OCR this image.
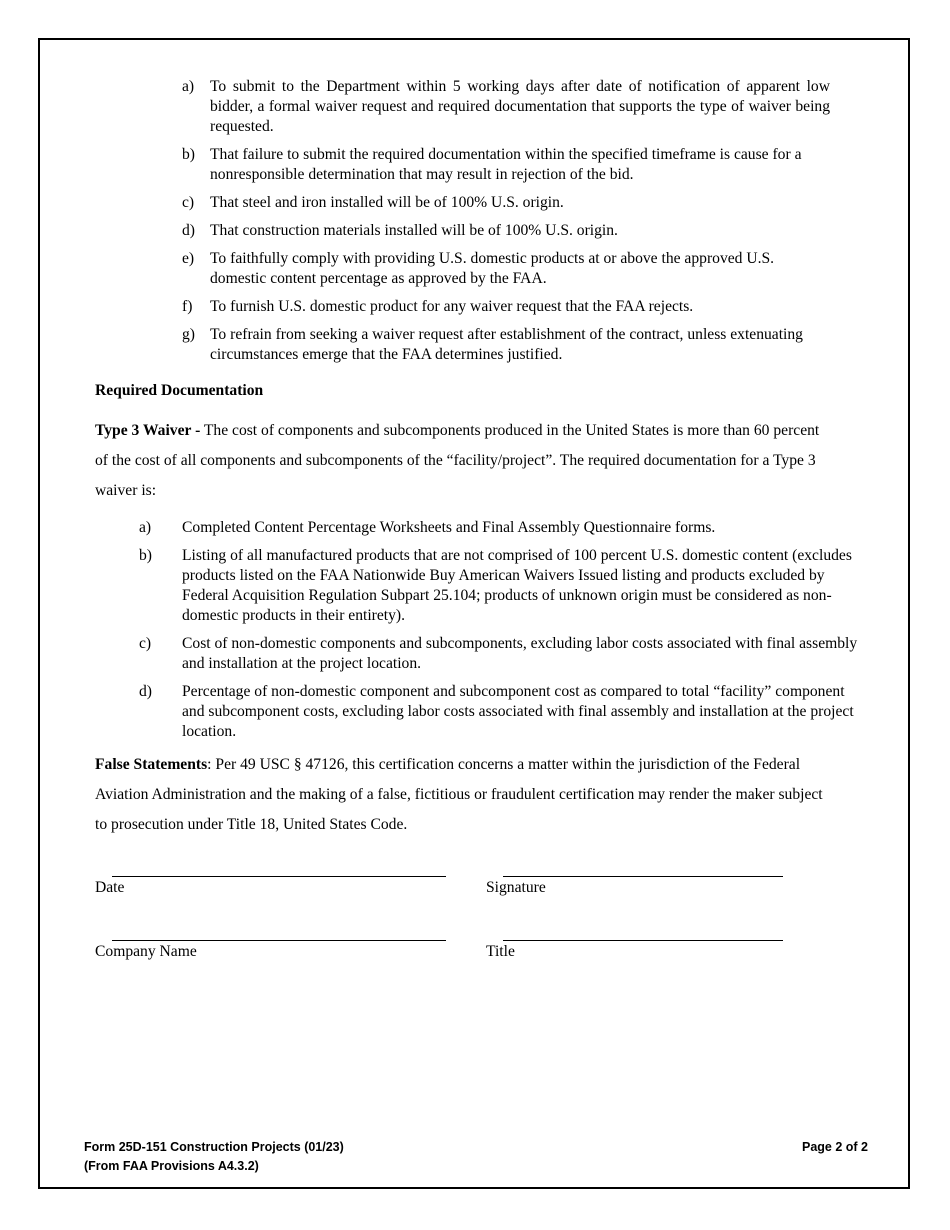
a)	To submit to the Department within 5 working days after date of notification of apparent low bidder, a formal waiver request and required documentation that supports the type of waiver being requested.
b) That failure to submit the required documentation within the specified timeframe is cause for a nonresponsible determination that may result in rejection of the bid.
c)	That steel and iron installed will be of 100% U.S. origin.
d) That construction materials installed will be of 100% U.S. origin.
e)	To faithfully comply with providing U.S. domestic products at or above the approved U.S. domestic content percentage as approved by the FAA.
f)	To furnish U.S. domestic product for any waiver request that the FAA rejects.
g) To refrain from seeking a waiver request after establishment of the contract, unless extenuating circumstances emerge that the FAA determines justified.
Required Documentation
Type 3 Waiver - The cost of components and subcomponents produced in the United States is more than 60 percent of the cost of all components and subcomponents of the “facility/project”. The required documentation for a Type 3 waiver is:
a)	Completed Content Percentage Worksheets and Final Assembly Questionnaire forms.
b)	Listing of all manufactured products that are not comprised of 100 percent U.S. domestic content (excludes products listed on the FAA Nationwide Buy American Waivers Issued listing and products excluded by Federal Acquisition Regulation Subpart 25.104; products of unknown origin must be considered as non-domestic products in their entirety).
c)	Cost of non-domestic components and subcomponents, excluding labor costs associated with final assembly and installation at the project location.
d)	Percentage of non-domestic component and subcomponent cost as compared to total “facility” component and subcomponent costs, excluding labor costs associated with final assembly and installation at the project location.
False Statements: Per 49 USC § 47126, this certification concerns a matter within the jurisdiction of the Federal Aviation Administration and the making of a false, fictitious or fraudulent certification may render the maker subject to prosecution under Title 18, United States Code.
Date	Signature
Company Name	Title
Form 25D-151 Construction Projects (01/23)
(From FAA Provisions A4.3.2)
Page 2 of 2
